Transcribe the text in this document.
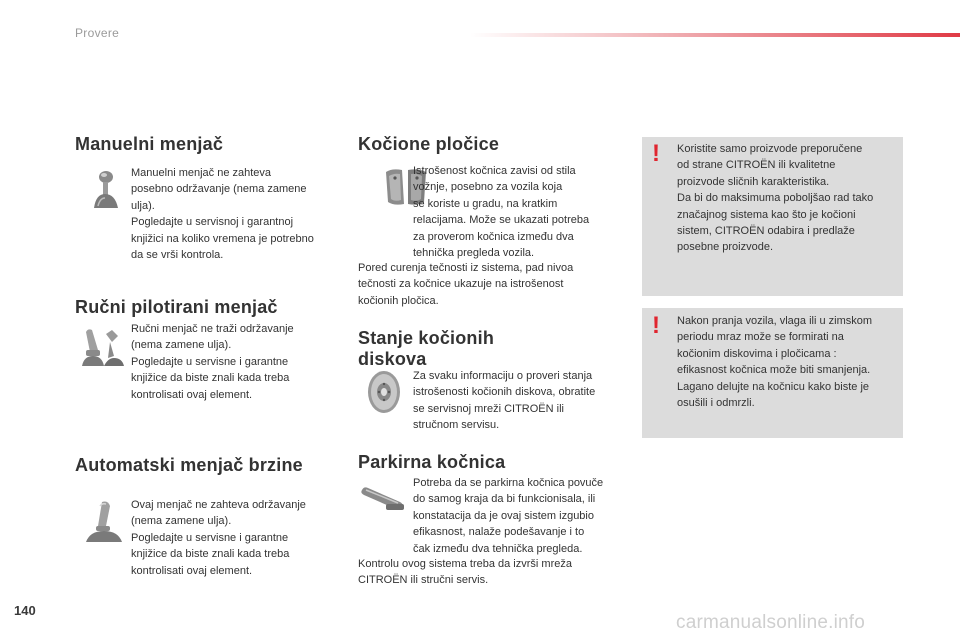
Provere
Manuelni menjač
Manuelni menjač ne zahteva
posebno održavanje (nema zamene
ulja).
Pogledajte u servisnoj i garantnoj
knjižici na koliko vremena je potrebno
da se vrši kontrola.
Ručni pilotirani menjač
Ručni menjač ne traži održavanje
(nema zamene ulja).
Pogledajte u servisne i garantne
knjižice da biste znali kada treba
kontrolisati ovaj element.
Automatski menjač brzine
Ovaj menjač ne zahteva održavanje
(nema zamene ulja).
Pogledajte u servisne i garantne
knjižice da biste znali kada treba
kontrolisati ovaj element.
Kočione pločice
Istrošenost kočnica zavisi od stila
vožnje, posebno za vozila koja
se koriste u gradu, na kratkim
relacijama. Može se ukazati potreba
za proverom kočnica između dva
tehnička pregleda vozila.
Pored curenja tečnosti iz sistema, pad nivoa
tečnosti za kočnice ukazuje na istrošenost
kočionih pločica.
Stanje kočionih
diskova
Za svaku informaciju o proveri stanja
istrošenosti kočionih diskova, obratite
se servisnoj mreži CITROËN ili
stručnom servisu.
Parkirna kočnica
Potreba da se parkirna kočnica povuče
do samog kraja da bi funkcionisala, ili
konstatacija da je ovaj sistem izgubio
efikasnost, nalaže podešavanje i to
čak između dva tehnička pregleda.
Kontrolu ovog sistema treba da izvrši mreža
CITROËN ili stručni servis.
! Koristite samo proizvode preporučene
od strane CITROËN ili kvalitetne
proizvode sličnih karakteristika.
Da bi do maksimuma poboljšao rad tako
značajnog sistema kao što je kočioni
sistem, CITROËN odabira i predlaže
posebne proizvode.
! Nakon pranja vozila, vlaga ili u zimskom
periodu mraz može se formirati na
kočionim diskovima i pločicama :
efikasnost kočnica može biti smanjenja.
Lagano delujte na kočnicu kako biste je
osušili i odmrzli.
140
carmanualsonline.info
